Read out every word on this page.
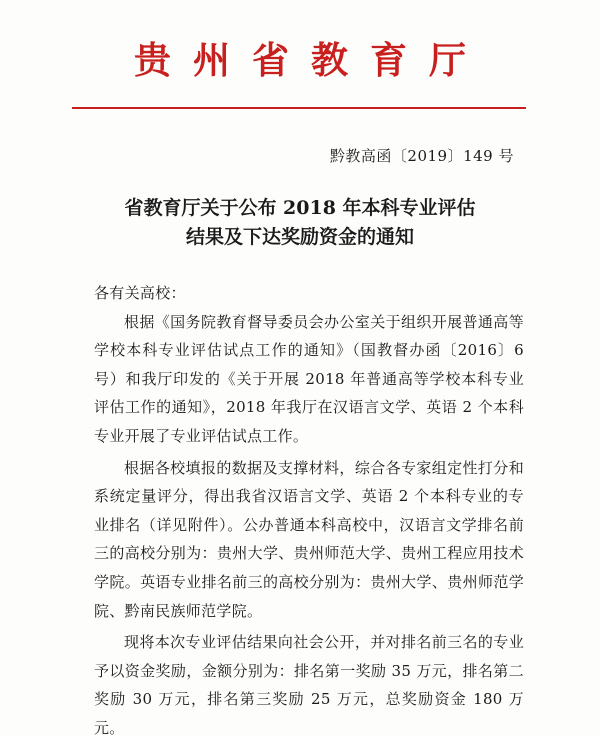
贵州省教育厅
黔教高函〔2019〕149 号
省教育厅关于公布 2018 年本科专业评估
结果及下达奖励资金的通知

各有关高校：

根据《国务院教育督导委员会办公室关于组织开展普通高等学校本科专业评估试点工作的通知》（国教督办函〔2016〕6 号）和我厅印发的《关于开展 2018 年普通高等学校本科专业评估工作的通知》，2018 年我厅在汉语言文学、英语 2 个本科专业开展了专业评估试点工作。

根据各校填报的数据及支撑材料，综合各专家组定性打分和系统定量评分，得出我省汉语言文学、英语 2 个本科专业的专业排名（详见附件）。公办普通本科高校中，汉语言文学排名前三的高校分别为：贵州大学、贵州师范大学、贵州工程应用技术学院。英语专业排名前三的高校分别为：贵州大学、贵州师范学院、黔南民族师范学院。

现将本次专业评估结果向社会公开，并对排名前三名的专业予以资金奖励，金额分别为：排名第一奖励 35 万元，排名第二奖励 30 万元，排名第三奖励 25 万元，总奖励资金 180 万元。
